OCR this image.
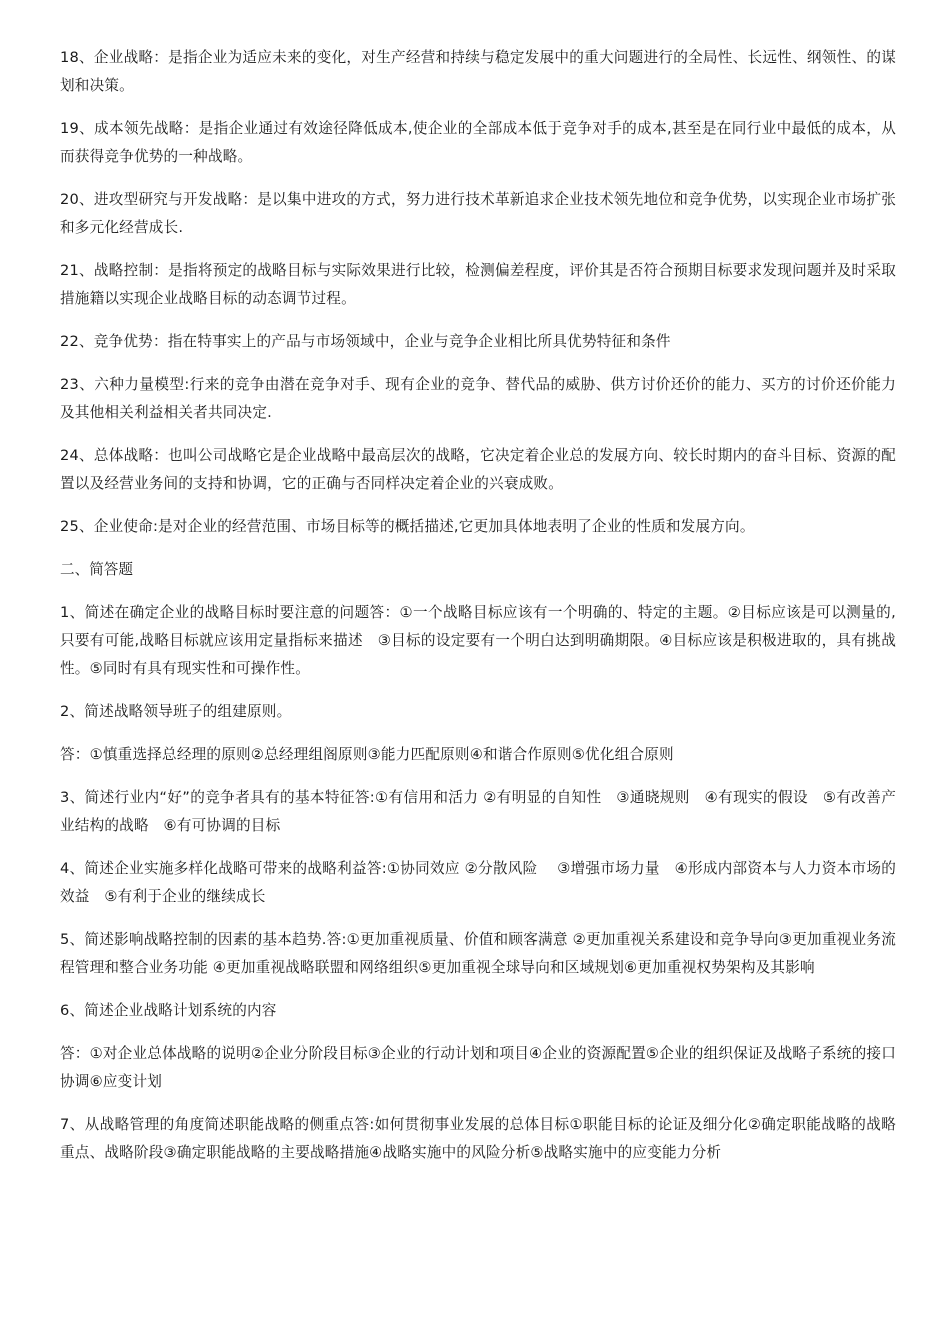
18、企业战略：是指企业为适应未来的变化，对生产经营和持续与稳定发展中的重大问题进行的全局性、长远性、纲领性、的谋划和决策。

19、成本领先战略：是指企业通过有效途径降低成本,使企业的全部成本低于竞争对手的成本,甚至是在同行业中最低的成本，从而获得竞争优势的一种战略。

20、进攻型研究与开发战略：是以集中进攻的方式，努力进行技术革新追求企业技术领先地位和竞争优势，以实现企业市场扩张和多元化经营成长.

21、战略控制：是指将预定的战略目标与实际效果进行比较，检测偏差程度，评价其是否符合预期目标要求发现问题并及时采取措施籍以实现企业战略目标的动态调节过程。

22、竞争优势：指在特事实上的产品与市场领域中，企业与竞争企业相比所具优势特征和条件

23、六种力量模型:行来的竞争由潜在竞争对手、现有企业的竞争、替代品的威胁、供方讨价还价的能力、买方的讨价还价能力及其他相关利益相关者共同决定.

24、总体战略：也叫公司战略它是企业战略中最高层次的战略，它决定着企业总的发展方向、较长时期内的奋斗目标、资源的配置以及经营业务间的支持和协调，它的正确与否同样决定着企业的兴衰成败。

25、企业使命:是对企业的经营范围、市场目标等的概括描述,它更加具体地表明了企业的性质和发展方向。

二、简答题

1、简述在确定企业的战略目标时要注意的问题答：①一个战略目标应该有一个明确的、特定的主题。②目标应该是可以测量的,只要有可能,战略目标就应该用定量指标来描述　③目标的设定要有一个明白达到明确期限。④目标应该是积极进取的，具有挑战性。⑤同时有具有现实性和可操作性。

2、简述战略领导班子的组建原则。

答：①慎重选择总经理的原则②总经理组阁原则③能力匹配原则④和谐合作原则⑤优化组合原则

3、简述行业内“好”的竞争者具有的基本特征答:①有信用和活力 ②有明显的自知性　③通晓规则　④有现实的假设　⑤有改善产业结构的战略　⑥有可协调的目标

4、简述企业实施多样化战略可带来的战略利益答:①协同效应 ②分散风险　 ③增强市场力量　④形成内部资本与人力资本市场的效益　⑤有利于企业的继续成长

5、简述影响战略控制的因素的基本趋势.答:①更加重视质量、价值和顾客满意 ②更加重视关系建设和竞争导向③更加重视业务流程管理和整合业务功能 ④更加重视战略联盟和网络组织⑤更加重视全球导向和区域规划⑥更加重视权势架构及其影响

6、简述企业战略计划系统的内容

答：①对企业总体战略的说明②企业分阶段目标③企业的行动计划和项目④企业的资源配置⑤企业的组织保证及战略子系统的接口协调⑥应变计划

7、从战略管理的角度简述职能战略的侧重点答:如何贯彻事业发展的总体目标①职能目标的论证及细分化②确定职能战略的战略重点、战略阶段③确定职能战略的主要战略措施④战略实施中的风险分析⑤战略实施中的应变能力分析
